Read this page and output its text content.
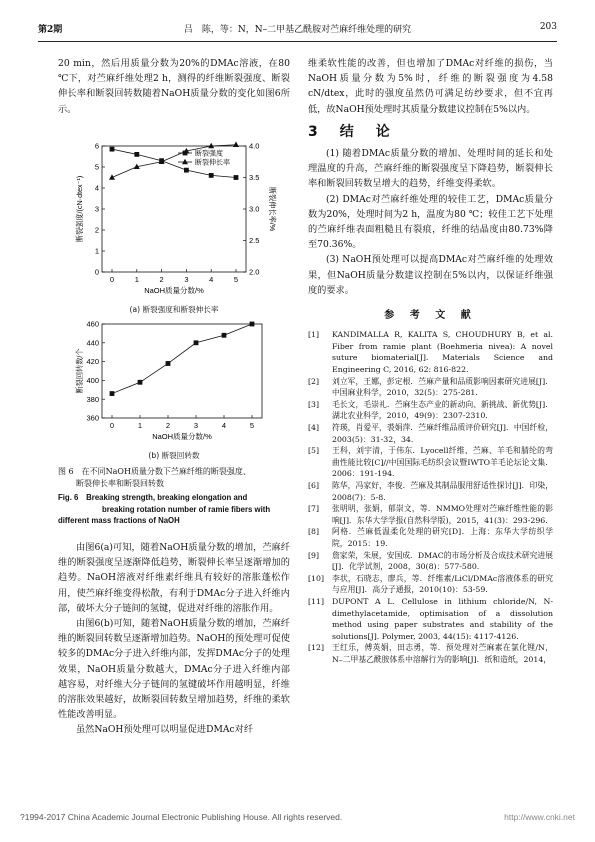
第2期	吕　陈，等：N，N–二甲基乙酰胺对苎麻纤维处理的研究	203

20 min，然后用质量分数为20%的DMAc溶液，在80 ℃下，对苎麻纤维处理2 h，测得的纤维断裂强度、断裂伸长率和断裂回转数随着NaOH质量分数的变化如图6所示。

0	1	2	3	4	5
0
1
2
3
4
5
6
2.0
2.5
3.0
3.5
4.0
NaOH质量分数/%
断裂强度/(cN·dtex⁻¹)	断裂伸长率/%
断裂强度
断裂伸长率
(a) 断裂强度和断裂伸长率
0	1	2	3	4	5
360
380
400
420
440
460
NaOH质量分数/%
断裂回转数/个
(b) 断裂回转数
图 6　在不同NaOH质量分数下苎麻纤维的断裂强度、
断裂伸长率和断裂回转数
Fig. 6　Breaking strength, breaking elongation and
breaking rotation number of ramie fibers with
different mass fractions of NaOH

由图6(a)可知，随着NaOH质量分数的增加，苎麻纤维的断裂强度呈逐渐降低趋势，断裂伸长率呈逐渐增加的趋势。NaOH溶液对纤维素纤维具有较好的溶胀蓬松作用，使苎麻纤维变得松散，有利于DMAc分子进入纤维内部，破坏大分子链间的氢键，促进对纤维的溶胀作用。

由图6(b)可知，随着NaOH质量分数的增加，苎麻纤维的断裂回转数呈逐渐增加趋势。NaOH的预处理可促使较多的DMAc分子进入纤维内部，发挥DMAc分子的处理效果，NaOH质量分数越大，DMAc分子进入纤维内部越容易，对纤维大分子链间的氢键破坏作用越明显，纤维的溶胀效果越好，故断裂回转数呈增加趋势，纤维的柔软性能改善明显。

虽然NaOH预处理可以明显促进DMAc对纤

维柔软性能的改善，但也增加了DMAc对纤维的损伤，当NaOH质量分数为5%时，纤维的断裂强度为4.58 cN/dtex，此时的强度虽然仍可满足纺纱要求，但不宜再低，故NaOH预处理时其质量分数建议控制在5%以内。

3　结　论

(1) 随着DMAc质量分数的增加、处理时间的延长和处理温度的升高，苎麻纤维的断裂强度呈下降趋势，断裂伸长率和断裂回转数呈增大的趋势，纤维变得柔软。

(2) DMAc对苎麻纤维处理的较佳工艺，DMAc质量分数为20%，处理时间为2 h，温度为80 ℃；较佳工艺下处理的苎麻纤维表面粗糙且有裂痕，纤维的结晶度由80.73%降至70.36%。

(3) NaOH预处理可以提高DMAc对苎麻纤维的处理效果，但NaOH质量分数建议控制在5%以内，以保证纤维强度的要求。

参 考 文 献
[1]	KANDIMALLA R, KALITA S, CHOUDHURY B, et al. Fiber from ramie plant (Boehmeria nivea): A novel suture biomaterial[J]. Materials Science and Engineering C, 2016, 62: 816-822.
[2]	刘立军，王娜，彭定根．苎麻产量和品质影响因素研究进展[J]．中国麻业科学，2010，32(5)：275-281.
[3]	毛长文，毛崇礼．苎麻生态产业的新动向、新挑战、新优势[J]．湖北农业科学，2010，49(9)：2307-2310.
[4]	符瑛，肖爱平，裘娟萍．苎麻纤维品质评价研究[J]．中国纤检，2003(5)：31-32，34.
[5]	王科，刘宇清，于伟东．Lyocell纤维、苎麻、羊毛和腈纶的弯曲性能比较[C]//中国国际毛纺织会议暨IWTO羊毛论坛论文集．2006：191-194.
[6]	陈华，冯家好，李俊．苎麻及其制品服用舒适性探讨[J]．印染，2008(7)：5-8.
[7]	张明明，张娟，郁崇文，等．NMMO处理对苎麻纤维性能的影响[J]．东华大学学报(自然科学版)，2015，41(3)：293-296.
[8]	阿格．苎麻低温柔化处理的研究[D]．上海：东华大学纺织学院，2015：19.
[9]	詹家荣，朱展，安国成．DMAC的市场分析及合成技术研究进展[J]．化学试剂，2008，30(8)：577-580.
[10]	李状，石晓志，廖兵，等．纤维素/LiCl/DMAc溶液体系的研究与应用[J]．高分子通报，2010(10)：53-59.
[11]	DUPONT A L. Cellulose in lithium chloride/N, N-dimethylacetamide, optimisation of a dissolution method using paper substrates and stability of the solutions[J]. Polymer, 2003, 44(15): 4117-4126.
[12]	王红乐，傅英娟，田志勇，等．预处理对苎麻素在氯化锂/N，N–二甲基乙酰胺体系中溶解行为的影响[J]．纸和造纸，2014，
?1994-2017 China Academic Journal Electronic Publishing House. All rights reserved.	http://www.cnki.net
